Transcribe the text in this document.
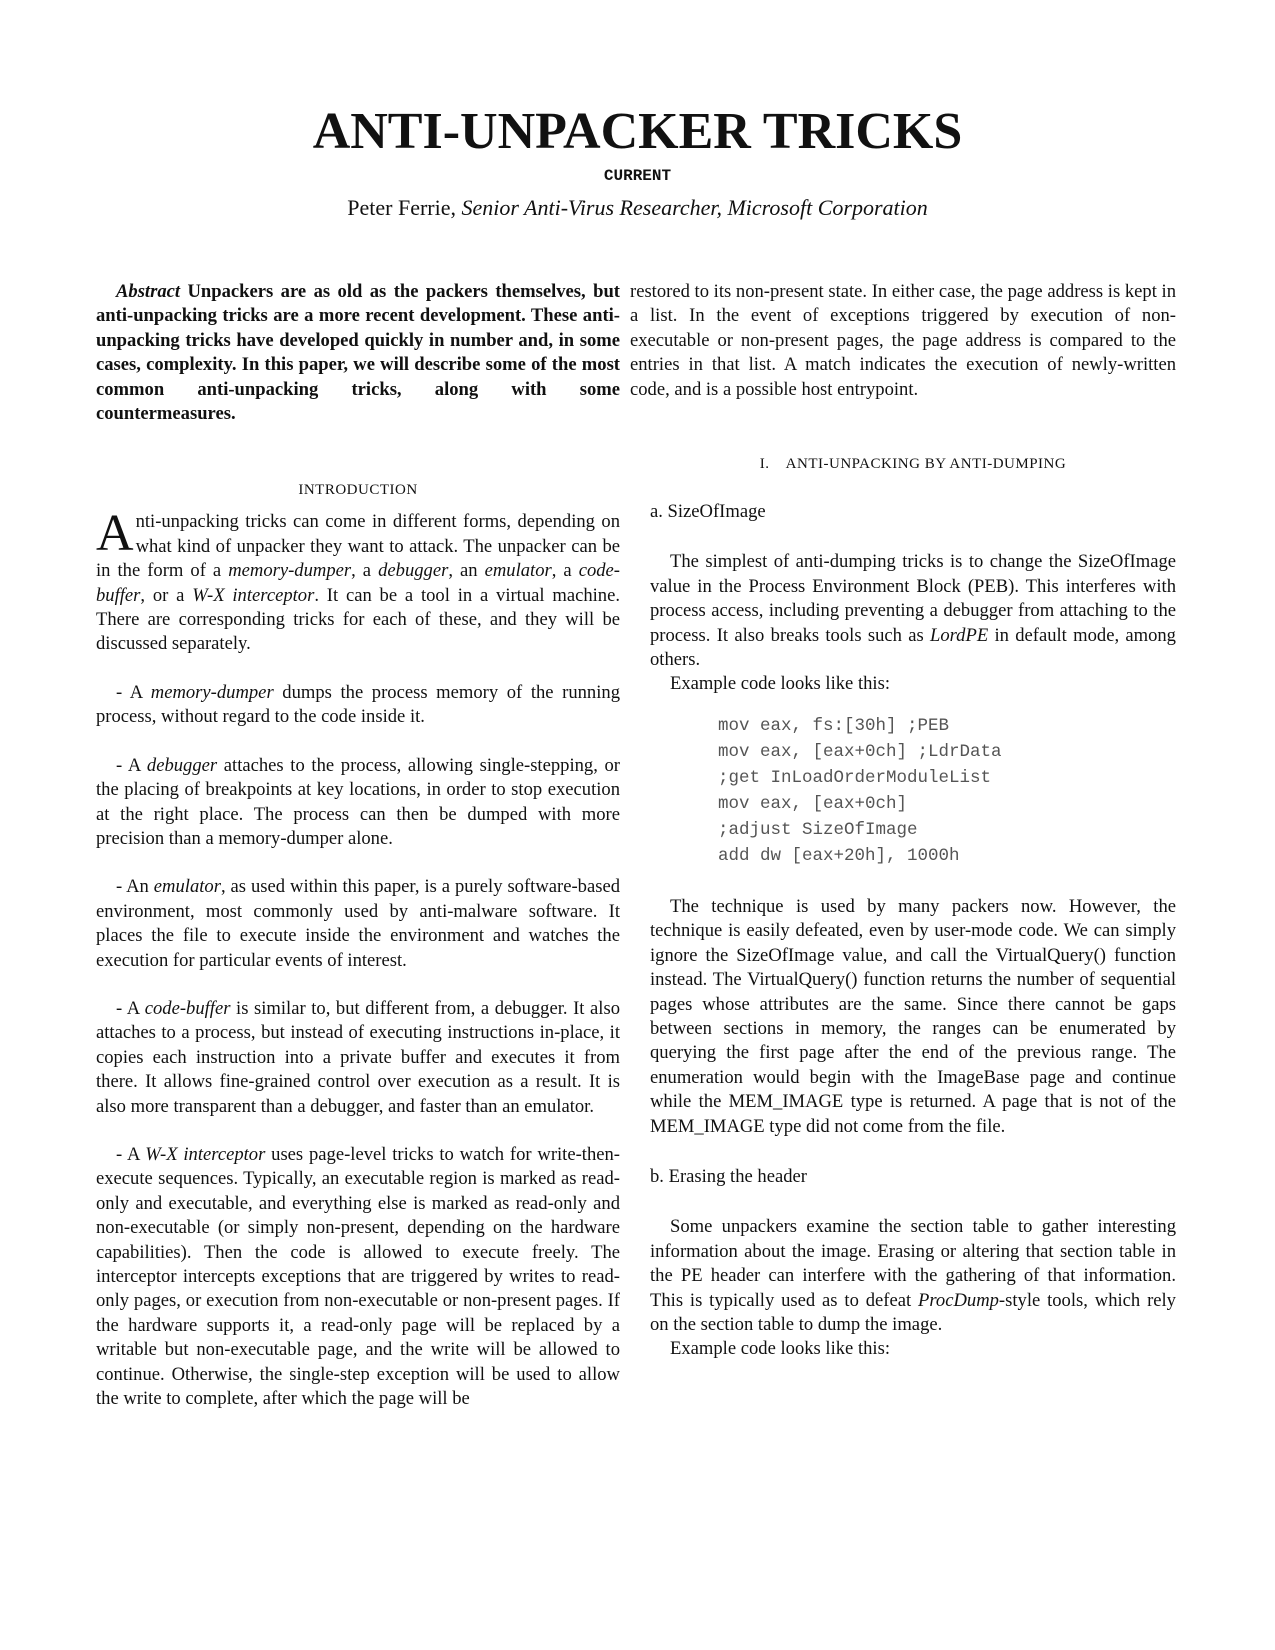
ANTI-UNPACKER TRICKS
CURRENT
Peter Ferrie, Senior Anti-Virus Researcher, Microsoft Corporation

Abstract Unpackers are as old as the packers themselves, but anti-unpacking tricks are a more recent development. These anti-unpacking tricks have developed quickly in number and, in some cases, complexity. In this paper, we will describe some of the most common anti-unpacking tricks, along with some countermeasures.

INTRODUCTION

Anti-unpacking tricks can come in different forms, depending on what kind of unpacker they want to attack. The unpacker can be in the form of a memory-dumper, a debugger, an emulator, a code-buffer, or a W-X interceptor. It can be a tool in a virtual machine. There are corresponding tricks for each of these, and they will be discussed separately.

- A memory-dumper dumps the process memory of the running process, without regard to the code inside it.

- A debugger attaches to the process, allowing single-stepping, or the placing of breakpoints at key locations, in order to stop execution at the right place. The process can then be dumped with more precision than a memory-dumper alone.

- An emulator, as used within this paper, is a purely software-based environment, most commonly used by anti-malware software. It places the file to execute inside the environment and watches the execution for particular events of interest.

- A code-buffer is similar to, but different from, a debugger. It also attaches to a process, but instead of executing instructions in-place, it copies each instruction into a private buffer and executes it from there. It allows fine-grained control over execution as a result. It is also more transparent than a debugger, and faster than an emulator.

- A W-X interceptor uses page-level tricks to watch for write-then-execute sequences. Typically, an executable region is marked as read-only and executable, and everything else is marked as read-only and non-executable (or simply non-present, depending on the hardware capabilities). Then the code is allowed to execute freely. The interceptor intercepts exceptions that are triggered by writes to read-only pages, or execution from non-executable or non-present pages. If the hardware supports it, a read-only page will be replaced by a writable but non-executable page, and the write will be allowed to continue. Otherwise, the single-step exception will be used to allow the write to complete, after which the page will be

restored to its non-present state. In either case, the page address is kept in a list. In the event of exceptions triggered by execution of non-executable or non-present pages, the page address is compared to the entries in that list. A match indicates the execution of newly-written code, and is a possible host entrypoint.

I.    ANTI-UNPACKING BY ANTI-DUMPING

a. SizeOfImage

The simplest of anti-dumping tricks is to change the SizeOfImage value in the Process Environment Block (PEB). This interferes with process access, including preventing a debugger from attaching to the process. It also breaks tools such as LordPE in default mode, among others.

Example code looks like this:

mov eax, fs:[30h] ;PEB
mov eax, [eax+0ch] ;LdrData
;get InLoadOrderModuleList
mov eax, [eax+0ch]
;adjust SizeOfImage
add dw [eax+20h], 1000h

The technique is used by many packers now. However, the technique is easily defeated, even by user-mode code. We can simply ignore the SizeOfImage value, and call the VirtualQuery() function instead. The VirtualQuery() function returns the number of sequential pages whose attributes are the same. Since there cannot be gaps between sections in memory, the ranges can be enumerated by querying the first page after the end of the previous range. The enumeration would begin with the ImageBase page and continue while the MEM_IMAGE type is returned. A page that is not of the MEM_IMAGE type did not come from the file.

b. Erasing the header

Some unpackers examine the section table to gather interesting information about the image. Erasing or altering that section table in the PE header can interfere with the gathering of that information. This is typically used as to defeat ProcDump-style tools, which rely on the section table to dump the image.

Example code looks like this:
